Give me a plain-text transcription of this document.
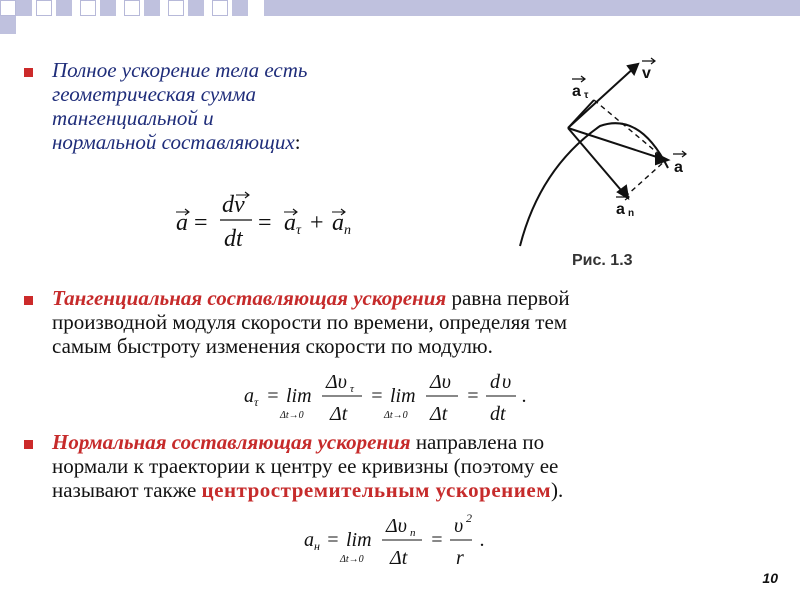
Полное ускорение тела есть
геометрическая сумма
тангенциальной и
нормальной составляющих:
a =
dv
dt
= a τ + a n
v
a
a τ
a n
Рис. 1.3
Тангенциальная составляющая ускорения равна первой
производной модуля скорости по времени, определяя тем
самым быстроту изменения скорости по модулю.
a τ = lim
Δt→0
Δυ τ
Δt
= lim
Δt→0
Δυ
Δt
=
d υ
dt
.
Нормальная составляющая ускорения направлена по
нормали к траектории к центру ее кривизны (поэтому ее
называют также центростремительным ускорением).
a н = lim
Δt→0
Δυ n
Δt
=
υ 2
r
.
10
